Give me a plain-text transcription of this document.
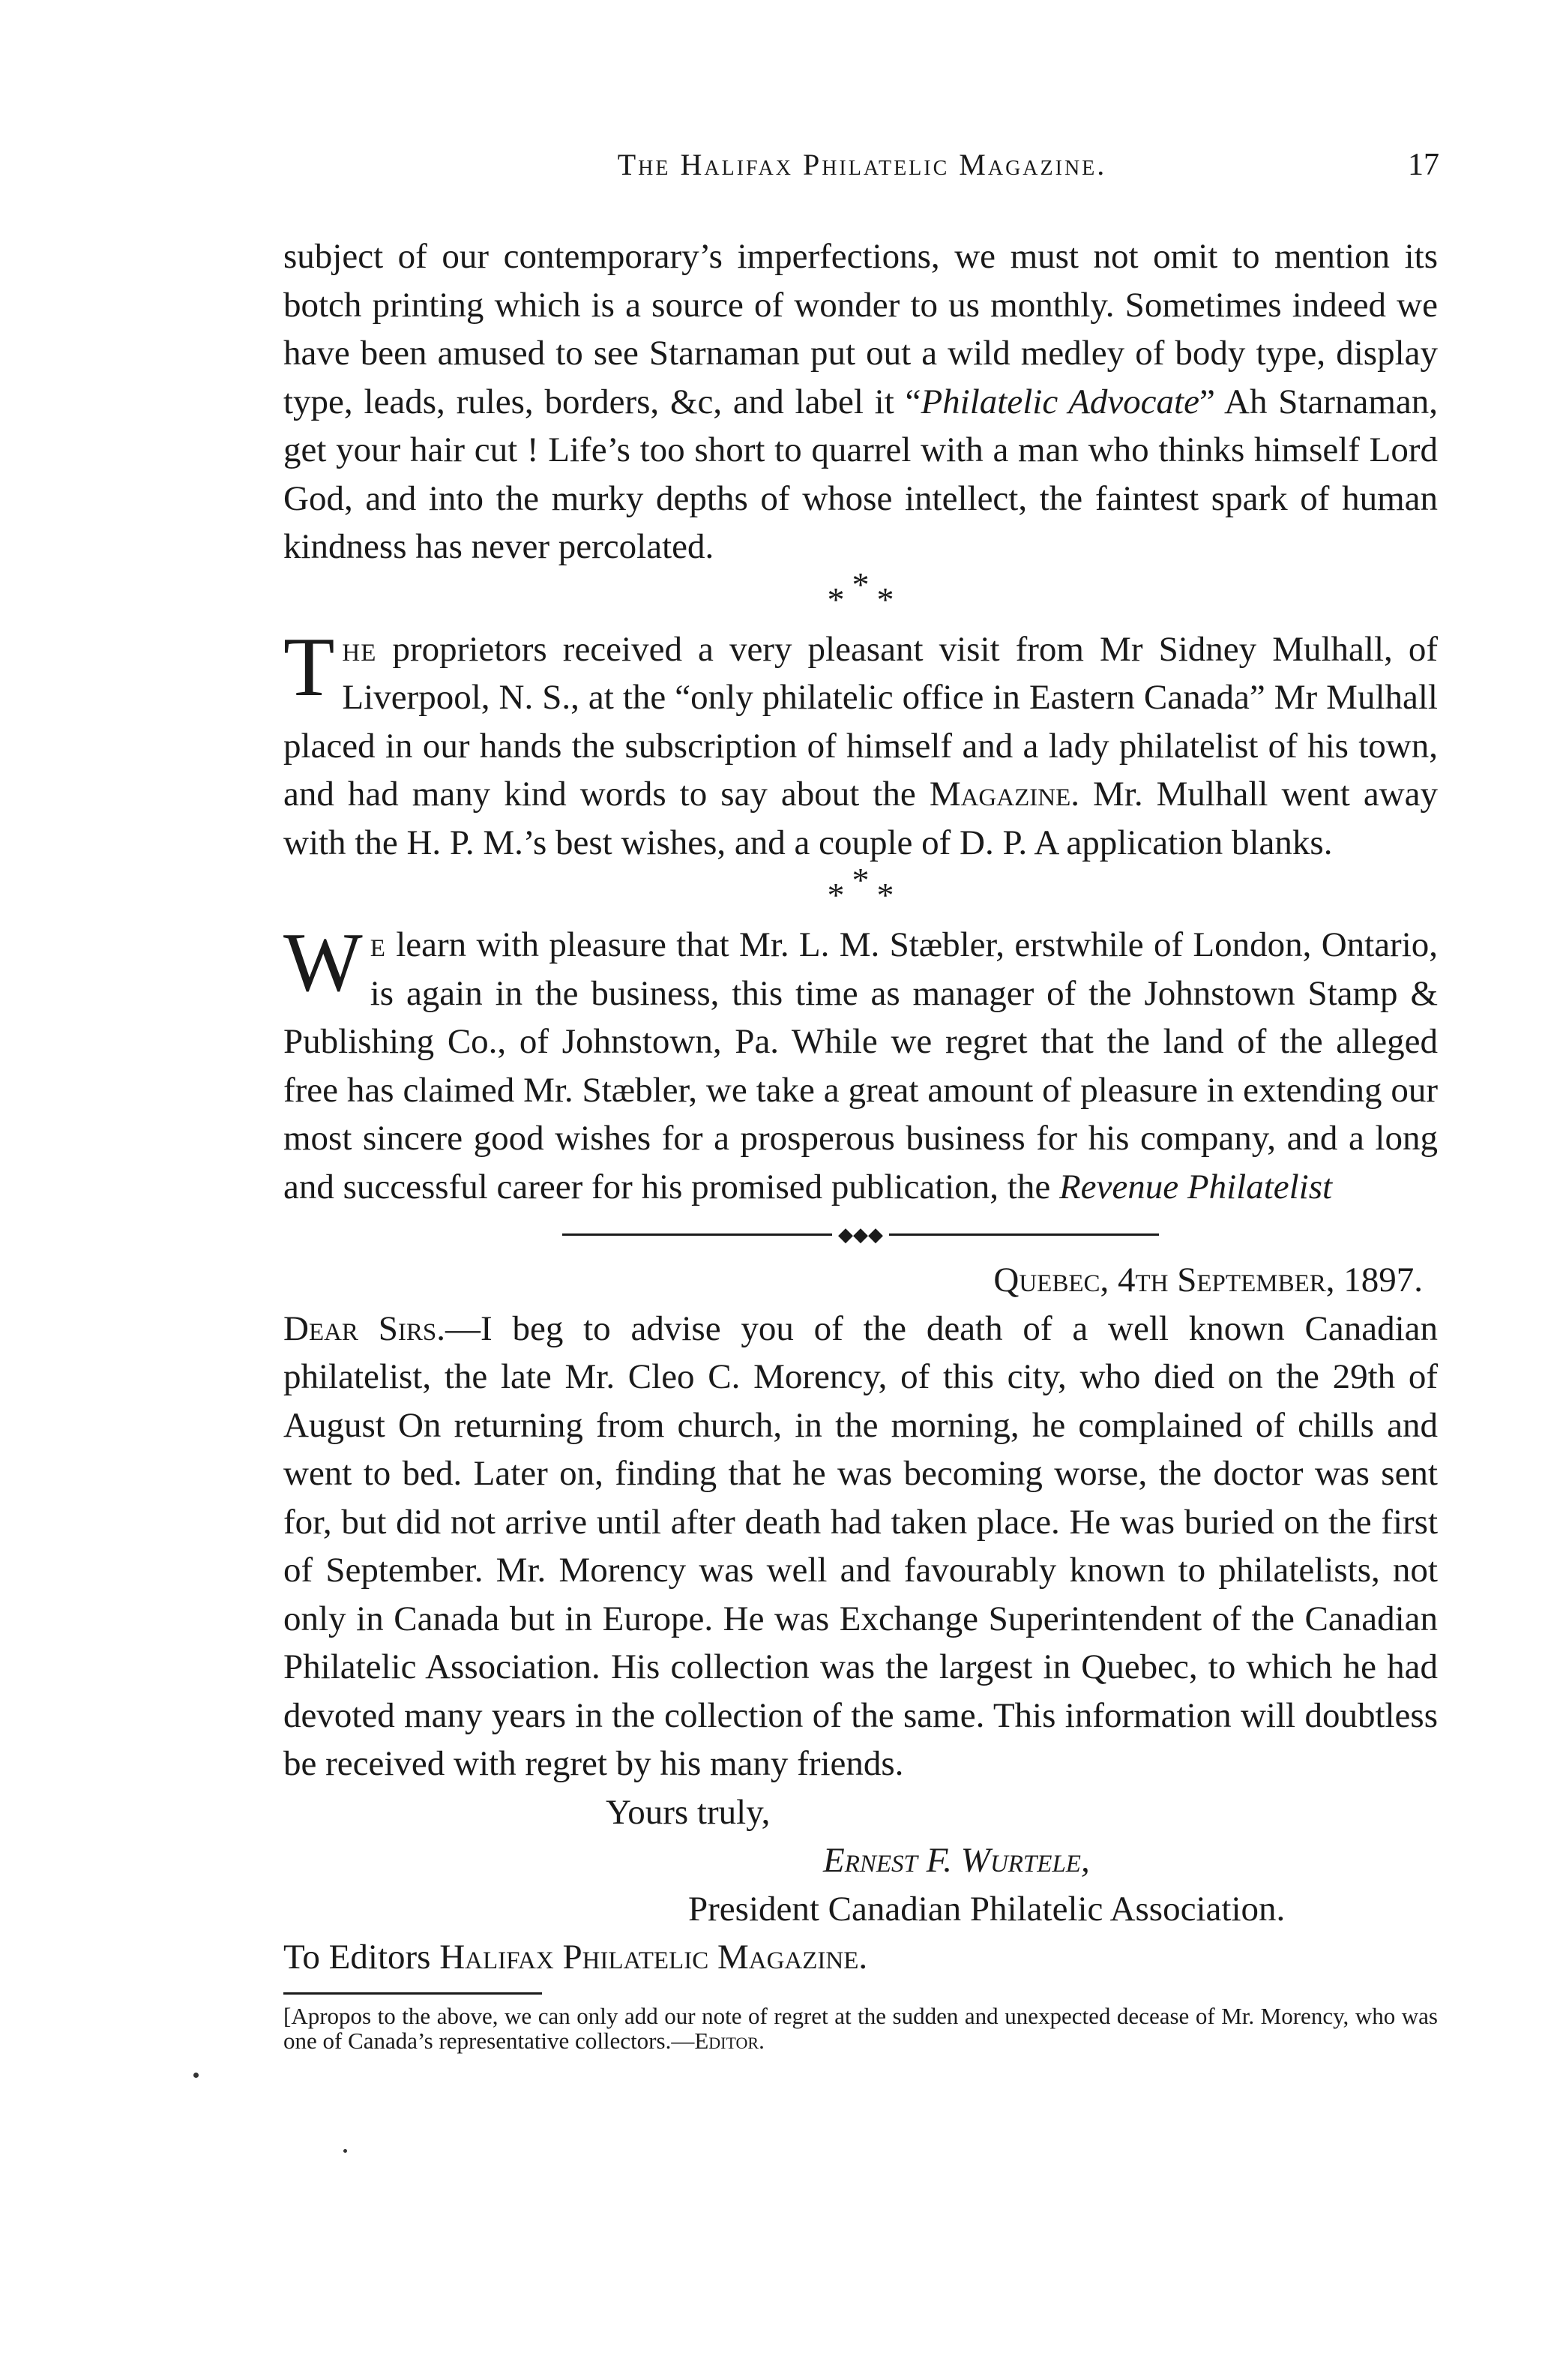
The Halifax Philatelic Magazine.	17

subject of our contemporary’s imperfections, we must not omit to mention its botch printing which is a source of wonder to us monthly. Sometimes indeed we have been amused to see Starnaman put out a wild medley of body type, display type, leads, rules, borders, &c, and label it “Philatelic Advocate” Ah Starnaman, get your hair cut ! Life’s too short to quarrel with a man who thinks himself Lord God, and into the murky depths of whose intellect, the faintest spark of human kindness has never percolated.

* * *

The proprietors received a very pleasant visit from Mr Sidney Mulhall, of Liverpool, N. S., at the “only philatelic office in Eastern Canada” Mr Mulhall placed in our hands the subscription of himself and a lady philatelist of his town, and had many kind words to say about the Magazine. Mr. Mulhall went away with the H. P. M.’s best wishes, and a couple of D. P. A application blanks.

* * *

We learn with pleasure that Mr. L. M. Stæbler, erstwhile of London, Ontario, is again in the business, this time as manager of the Johnstown Stamp & Publishing Co., of Johnstown, Pa. While we regret that the land of the alleged free has claimed Mr. Stæbler, we take a great amount of pleasure in extending our most sincere good wishes for a prosperous business for his company, and a long and successful career for his promised publication, the Revenue Philatelist

◆◆◆

Quebec, 4th September, 1897.

Dear Sirs.—I beg to advise you of the death of a well known Canadian philatelist, the late Mr. Cleo C. Morency, of this city, who died on the 29th of August On returning from church, in the morning, he complained of chills and went to bed. Later on, finding that he was becoming worse, the doctor was sent for, but did not arrive until after death had taken place. He was buried on the first of September. Mr. Morency was well and favourably known to philatelists, not only in Canada but in Europe. He was Exchange Superintendent of the Canadian Philatelic Association. His collection was the largest in Quebec, to which he had devoted many years in the collection of the same. This information will doubtless be received with regret by his many friends.

Yours truly,

Ernest F. Wurtele,

President Canadian Philatelic Association.

To Editors Halifax Philatelic Magazine.

[Apropos to the above, we can only add our note of regret at the sudden and unexpected decease of Mr. Morency, who was one of Canada’s representative collectors.—Editor.
